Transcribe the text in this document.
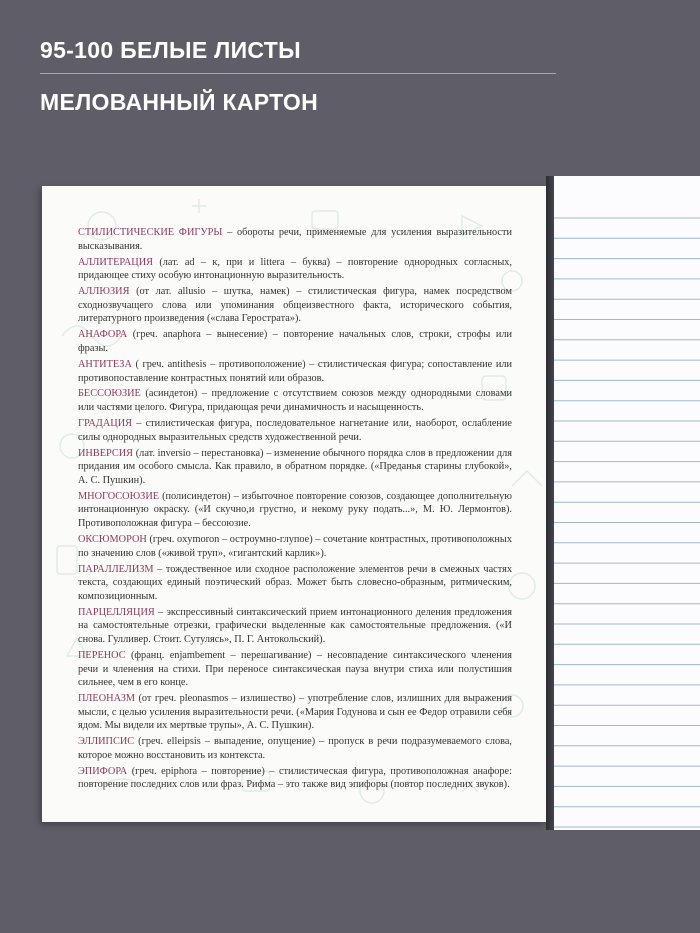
95-100 БЕЛЫЕ ЛИСТЫ
МЕЛОВАННЫЙ КАРТОН

СТИЛИСТИЧЕСКИЕ ФИГУРЫ – обороты речи, применяемые для усиления выразительности высказывания.

АЛЛИТЕРАЦИЯ (лат. ad – к, при и littera – буква) – повторение однородных согласных, придающее стиху особую интонационную выразительность.

АЛЛЮЗИЯ (от лат. allusio – шутка, намек) – стилистическая фигура, намек посредством сходнозвучащего слова или упоминания общеизвестного факта, исторического события, литературного произведения («слава Герострата»).

АНАФОРА (греч. anaphora – вынесение) – повторение начальных слов, строки, строфы или фразы.

АНТИТЕЗА ( греч. antithesis – противоположение) – стилистическая фигура; сопоставление или противопоставление контрастных понятий или образов.

БЕССОЮЗИЕ (асиндетон) – предложение с отсутствием союзов между однородными словами или частями целого. Фигура, придающая речи динамичность и насыщенность.

ГРАДАЦИЯ – стилистическая фигура, последовательное нагнетание или, наоборот, ослабление силы однородных выразительных средств художественной речи.

ИНВЕРСИЯ (лат. inversio – перестановка) – изменение обычного порядка слов в предложении для придания им особого смысла. Как правило, в обратном порядке. («Преданья старины глубокой», А. С. Пушкин).

МНОГОСОЮЗИЕ (полисиндетон) – избыточное повторение союзов, создающее дополнительную интонационную окраску. («И скучно,и грустно, и некому руку подать...», М. Ю. Лермонтов). Противоположная фигура – бессоюзие.

ОКСЮМОРОН (греч. oxymoron – остроумно-глупое) – сочетание контрастных, противоположных по значению слов («живой труп», «гигантский карлик»).

ПАРАЛЛЕЛИЗМ – тождественное или сходное расположение элементов речи в смежных частях текста, создающих единый поэтический образ. Может быть словесно-образным, ритмическим, композиционным.

ПАРЦЕЛЛЯЦИЯ – экспрессивный синтаксический прием интонационного деления предложения на самостоятельные отрезки, графически выделенные как самостоятельные предложения. («И снова. Гулливер. Стоит. Сутулясь», П. Г. Антокольский).

ПЕРЕНОС (франц. enjambement – перешагивание) – несовпадение синтаксического членения речи и членения на стихи. При переносе синтаксическая пауза внутри стиха или полустишия сильнее, чем в его конце.

ПЛЕОНАЗМ (от греч. pleonasmos – излишество) – употребление слов, излишних для выражения мысли, с целью усиления выразительности речи. («Мария Годунова и сын ее Федор отравили себя ядом. Мы видели их мертвые трупы», А. С. Пушкин).

ЭЛЛИПСИС (греч. elleipsis – выпадение, опущение) – пропуск в речи подразумеваемого слова, которое можно восстановить из контекста.

ЭПИФОРА (греч. epiphora – повторение) – стилистическая фигура, противоположная анафоре: повторение последних слов или фраз. Рифма – это также вид эпифоры (повтор последних звуков).
